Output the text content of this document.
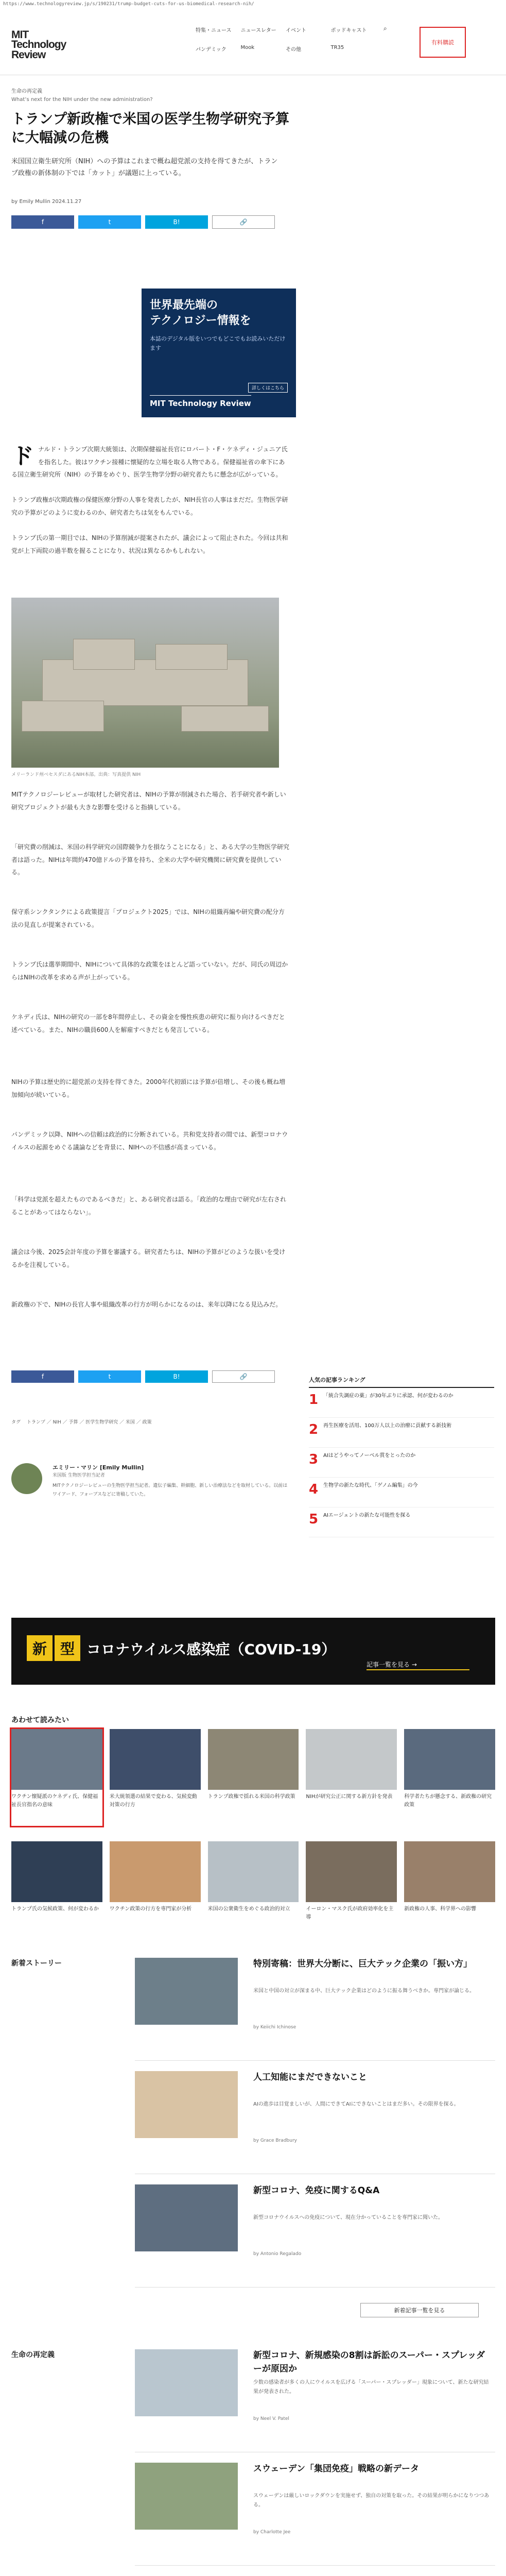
https://www.technologyreview.jp/s/190231/trump-budget-cuts-for-us-biomedical-research-nih/
MIT
Technology
Review
特集・ニュース	ニュースレター	イベント	ポッドキャスト
パンデミック	Mook	その他	TR35
⌕
有料購読
生命の再定義
What’s next for the NIH under the new administration?
トランプ新政権で米国の医学生物学研究予算に大幅減の危機

米国国立衛生研究所（NIH）への予算はこれまで概ね超党派の支持を得てきたが、トランプ政権の新体制の下では「カット」が議題に上っている。

by Emily Mullin 2024.11.27
f	t	B!	🔗
世界最先端の
テクノロジー情報を
本誌のデジタル版をいつでもどこでもお読みいただけます
詳しくはこちら
MIT Technology Review
ド ナルド・トランプ次期大統領は、次期保健福祉長官にロバート・F・ケネディ・ジュニア氏を指名した。彼はワクチン接種に懐疑的な立場を取る人物である。保健福祉省の傘下にある国立衛生研究所（NIH）の予算をめぐり、医学生物学分野の研究者たちに懸念が広がっている。

トランプ政権が次期政権の保健医療分野の人事を発表したが、NIH長官の人事はまだだ。生物医学研究の予算がどのように変わるのか、研究者たちは気をもんでいる。

トランプ氏の第一期目では、NIHの予算削減が提案されたが、議会によって阻止された。今回は共和党が上下両院の過半数を握ることになり、状況は異なるかもしれない。
メリーランド州ベセスダにあるNIH本部。出典：写真提供 NIH
MITテクノロジーレビューが取材した研究者は、NIHの予算が削減された場合、若手研究者や新しい研究プロジェクトが最も大きな影響を受けると指摘している。
「研究費の削減は、米国の科学研究の国際競争力を損なうことになる」と、ある大学の生物医学研究者は語った。NIHは年間約470億ドルの予算を持ち、全米の大学や研究機関に研究費を提供している。
保守系シンクタンクによる政策提言「プロジェクト2025」では、NIHの組織再編や研究費の配分方法の見直しが提案されている。
トランプ氏は選挙期間中、NIHについて具体的な政策をほとんど語っていない。だが、同氏の周辺からはNIHの改革を求める声が上がっている。
ケネディ氏は、NIHの研究の一部を8年間停止し、その資金を慢性疾患の研究に振り向けるべきだと述べている。また、NIHの職員600人を解雇すべきだとも発言している。
NIHの予算は歴史的に超党派の支持を得てきた。2000年代初頭には予算が倍増し、その後も概ね増加傾向が続いている。
パンデミック以降、NIHへの信頼は政治的に分断されている。共和党支持者の間では、新型コロナウイルスの起源をめぐる議論などを背景に、NIHへの不信感が高まっている。
「科学は党派を超えたものであるべきだ」と、ある研究者は語る。「政治的な理由で研究が左右されることがあってはならない」。
議会は今後、2025会計年度の予算を審議する。研究者たちは、NIHの予算がどのような扱いを受けるかを注視している。
新政権の下で、NIHの長官人事や組織改革の行方が明らかになるのは、来年以降になる見込みだ。
f	t	B!	🔗
タグ　 トランプ ／ NIH ／ 予算 ／ 医学生物学研究 ／ 米国 ／ 政策
エミリー・マリン [Emily Mullin]
米国版 生物医学担当記者
MITテクノロジーレビューの生物医学担当記者。遺伝子編集、幹細胞、新しい治療法などを取材している。以前はワイアード、フォーブスなどに寄稿していた。
人気の記事ランキング
1 「統合失調症の薬」が30年ぶりに承認、何が変わるのか
2 再生医療を活用、100万人以上の治療に貢献する新技術
3 AIはどうやってノーベル賞をとったのか
4 生物学の新たな時代、「ゲノム編集」の今
5 AIエージェントの新たな可能性を探る
新 型 コロナウイルス感染症（COVID-19）
記事一覧を見る →
あわせて読みたい
ワクチン懐疑派のケネディ氏、保健福祉長官指名の意味
米大統領選の結果で変わる、気候変動対策の行方
トランプ政権で揺れる米国の科学政策	NIHが研究公正に関する新方針を発表	科学者たちが懸念する、新政権の研究政策
トランプ氏の気候政策、何が変わるか	ワクチン政策の行方を専門家が分析	米国の公衆衛生をめぐる政治的対立	イーロン・マスク氏が政府効率化を主導
新政権の人事、科学界への影響
新着ストーリー	特別寄稿：世界大分断に、巨大テック企業の「振い方」
米国と中国の対立が深まる中、巨大テック企業はどのように振る舞うべきか。専門家が論じる。
by Keiichi Ichinose
人工知能にまだできないこと
AIの進歩は目覚ましいが、人間にできてAIにできないことはまだ多い。その限界を探る。
by Grace Bradbury
新型コロナ、免疫に関するQ&A
新型コロナウイルスへの免疫について、現在分かっていることを専門家に聞いた。
by Antonio Regalado
新着記事一覧を見る
生命の再定義	新型コロナ、新規感染の8割は訴訟のスーパー・スプレッダーが原因か
少数の感染者が多くの人にウイルスを広げる「スーパー・スプレッダー」現象について、新たな研究結果が発表された。
by Neel V. Patel
スウェーデン「集団免疫」戦略の新データ
スウェーデンは厳しいロックダウンを実施せず、独自の対策を取った。その結果が明らかになりつつある。
by Charlotte Jee
